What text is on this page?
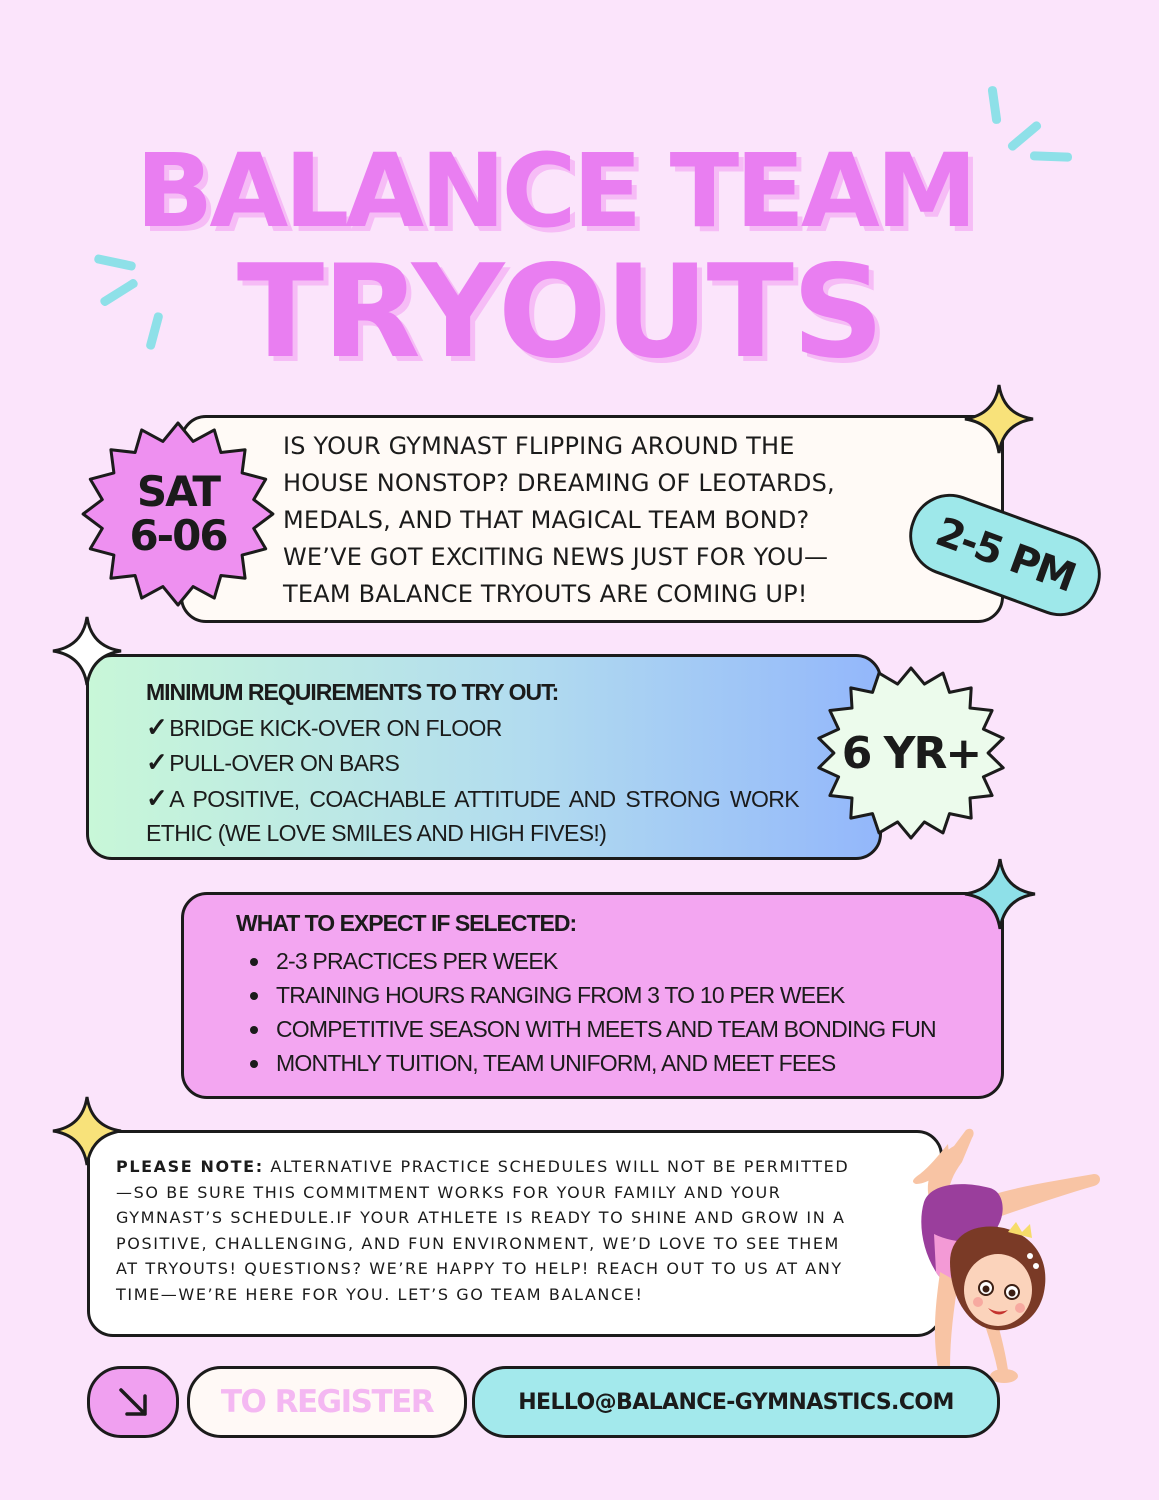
BALANCE TEAM
TRYOUTS
SAT
6-06
IS YOUR GYMNAST FLIPPING AROUND THE
HOUSE NONSTOP? DREAMING OF LEOTARDS,
MEDALS, AND THAT MAGICAL TEAM BOND?
WE’VE GOT EXCITING NEWS JUST FOR YOU—
TEAM BALANCE TRYOUTS ARE COMING UP!	2-5 PM
MINIMUM REQUIREMENTS TO TRY OUT:
✓BRIDGE KICK-OVER ON FLOOR
✓PULL-OVER ON BARS
✓A POSITIVE, COACHABLE ATTITUDE AND STRONG WORK
ETHIC (WE LOVE SMILES AND HIGH FIVES!)
6 YR+
WHAT TO EXPECT IF SELECTED:
2-3 PRACTICES PER WEEK
TRAINING HOURS RANGING FROM 3 TO 10 PER WEEK
COMPETITIVE SEASON WITH MEETS AND TEAM BONDING FUN
MONTHLY TUITION, TEAM UNIFORM, AND MEET FEES
PLEASE NOTE: ALTERNATIVE PRACTICE SCHEDULES WILL NOT BE PERMITTED
—SO BE SURE THIS COMMITMENT WORKS FOR YOUR FAMILY AND YOUR
GYMNAST’S SCHEDULE.IF YOUR ATHLETE IS READY TO SHINE AND GROW IN A
POSITIVE, CHALLENGING, AND FUN ENVIRONMENT, WE’D LOVE TO SEE THEM
AT TRYOUTS! QUESTIONS? WE’RE HAPPY TO HELP! REACH OUT TO US AT ANY
TIME—WE’RE HERE FOR YOU. LET’S GO TEAM BALANCE!
TO REGISTER	HELLO@BALANCE-GYMNASTICS.COM
